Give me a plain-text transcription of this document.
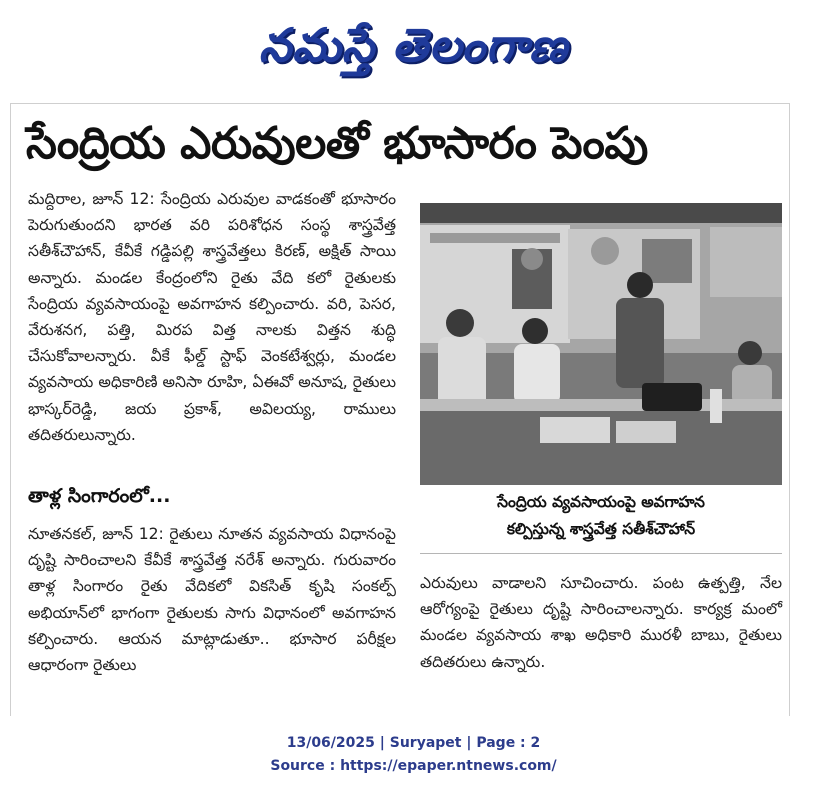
నమస్తే తెలంగాణ
సేంద్రియ ఎరువులతో భూసారం పెంపు
మద్దిరాల, జూన్ 12: సేంద్రియ ఎరువుల వాడకంతో భూసారం పెరుగుతుందని భారత వరి పరిశోధన సంస్థ శాస్త్రవేత్త సతీశ్‌చౌహాన్, కేవీకే గడ్డిపల్లి శాస్త్రవేత్తలు కిరణ్, అక్షిత్ సాయి అన్నారు. మండల కేంద్రంలోని రైతు వేది కలో రైతులకు సేంద్రియ వ్యవసాయంపై అవగాహన కల్పించారు. వరి, పెసర, వేరుశనగ, పత్తి, మిరప విత్త నాలకు విత్తన శుద్ధి చేసుకోవాలన్నారు. వీకే ఫీల్డ్ స్టాఫ్ వెంకటేశ్వర్లు, మండల వ్యవసాయ అధికారిణి అనిసా రూహి, ఏఈవో అనూష, రైతులు భాస్కర్‌రెడ్డి, జయ ప్రకాశ్, అవిలయ్య, రాములు తదితరులున్నారు.
తాళ్ల సింగారంలో...
నూతనకల్, జూన్ 12: రైతులు నూతన వ్యవసాయ విధానంపై దృష్టి సారించాలని కేవీకే శాస్త్రవేత్త నరేశ్ అన్నారు. గురువారం తాళ్ల సింగారం రైతు వేదికలో వికసిత్ కృషి సంకల్ప్ అభియాన్‌లో భాగంగా రైతులకు సాగు విధానంలో అవగాహన కల్పించారు. ఆయన మాట్లాడుతూ.. భూసార పరీక్షల ఆధారంగా రైతులు
సేంద్రియ వ్యవసాయంపై అవగాహన
కల్పిస్తున్న శాస్త్రవేత్త సతీశ్‌చౌహాన్
ఎరువులు వాడాలని సూచించారు. పంట ఉత్పత్తి, నేల ఆరోగ్యంపై రైతులు దృష్టి సారించాలన్నారు. కార్యక్ర మంలో మండల వ్యవసాయ శాఖ అధికారి మురళీ బాబు, రైతులు తదితరులు ఉన్నారు.
13/06/2025 | Suryapet | Page : 2
Source : https://epaper.ntnews.com/
